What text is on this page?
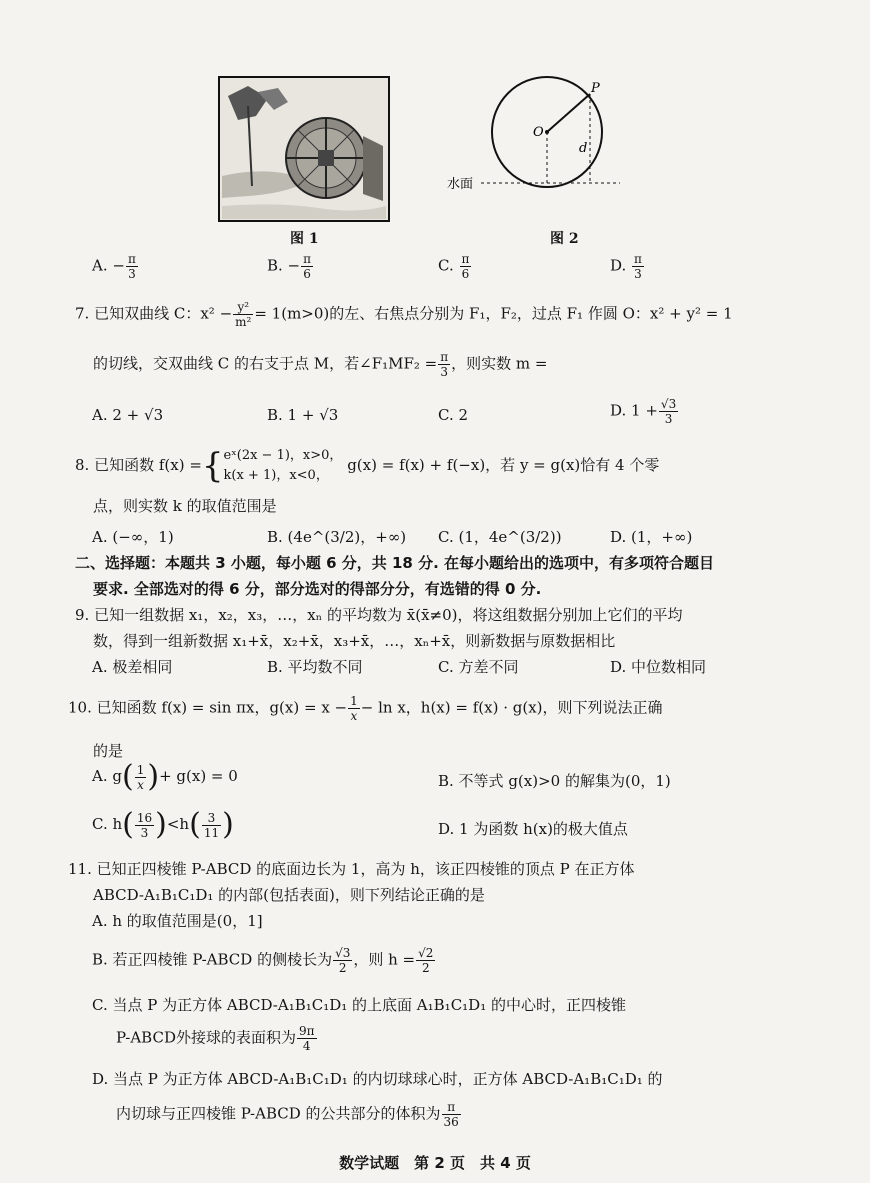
图 1
P
O
d
水面
图 2
A. − $\frac{\pi}{3}$	B. − $\frac{\pi}{6}$	C. $\frac{\pi}{6}$	D. $\frac{\pi}{3}$
7. 已知双曲线 C：$x^2 - \frac{\text{y²}}{\text{m²}} = 1(m>0)$的左、右焦点分别为 F₁，F₂，过点 F₁ 作圆 O：x² + y² = 1
的切线，交双曲线 C 的右支于点 M，若∠F₁MF₂ = $\frac{\pi}{3}$ ，则实数 m =
A. 2 + √3	B. 1 + √3	C. 2	D. $1 + \frac{√3}{3}$
8. 已知函数 f(x) ={ eˣ(2x − 1)，x>0，
k(x + 1)，x<0，
g(x) = f(x) + f(−x)，若 y = g(x)恰有 4 个零
点，则实数 k 的取值范围是
A. (−∞，1)	B. (4e^(3/2)，+∞) C. (1，4e^(3/2))	D. (1，+∞)
二、选择题：本题共 3 小题，每小题 6 分，共 18 分. 在每小题给出的选项中，有多项符合题目
要求. 全部选对的得 6 分，部分选对的得部分分，有选错的得 0 分.
9. 已知一组数据 x₁，x₂，x₃，…，xₙ 的平均数为 x̄(x̄≠0)，将这组数据分别加上它们的平均
数，得到一组新数据 x₁+x̄，x₂+x̄，x₃+x̄，…，xₙ+x̄，则新数据与原数据相比
A. 极差相同	B. 平均数不同	C. 方差不同	D. 中位数相同
10. 已知函数 f(x) = sin πx，$g(x) = x - \frac{1}{x} - \ln x$，h(x) = f(x) · g(x)，则下列说法正确
的是
A. $g( \frac{1}{x}$ )+ g(x) = 0	B. 不等式 g(x)>0 的解集为(0，1)
C. $h( \frac{16}{3} )<h( \frac{3}{11}$ )	D. 1 为函数 h(x)的极大值点
11. 已知正四棱锥 P-ABCD 的底面边长为 1，高为 h，该正四棱锥的顶点 P 在正方体
ABCD-A₁B₁C₁D₁ 的内部(包括表面)，则下列结论正确的是
A. h 的取值范围是(0，1]
B. 若正四棱锥 P-ABCD 的侧棱长为 $\frac{√3}{2}$ ，则 $h = \frac{√2}{2}$
C. 当点 P 为正方体 ABCD-A₁B₁C₁D₁ 的上底面 A₁B₁C₁D₁ 的中心时，正四棱锥
P-ABCD外接球的表面积为 $\frac{9\pi}{4}$
D. 当点 P 为正方体 ABCD-A₁B₁C₁D₁ 的内切球球心时，正方体 ABCD-A₁B₁C₁D₁ 的
内切球与正四棱锥 P-ABCD 的公共部分的体积为 $\frac{\pi}{36}$
数学试题　第 2 页　共 4 页
